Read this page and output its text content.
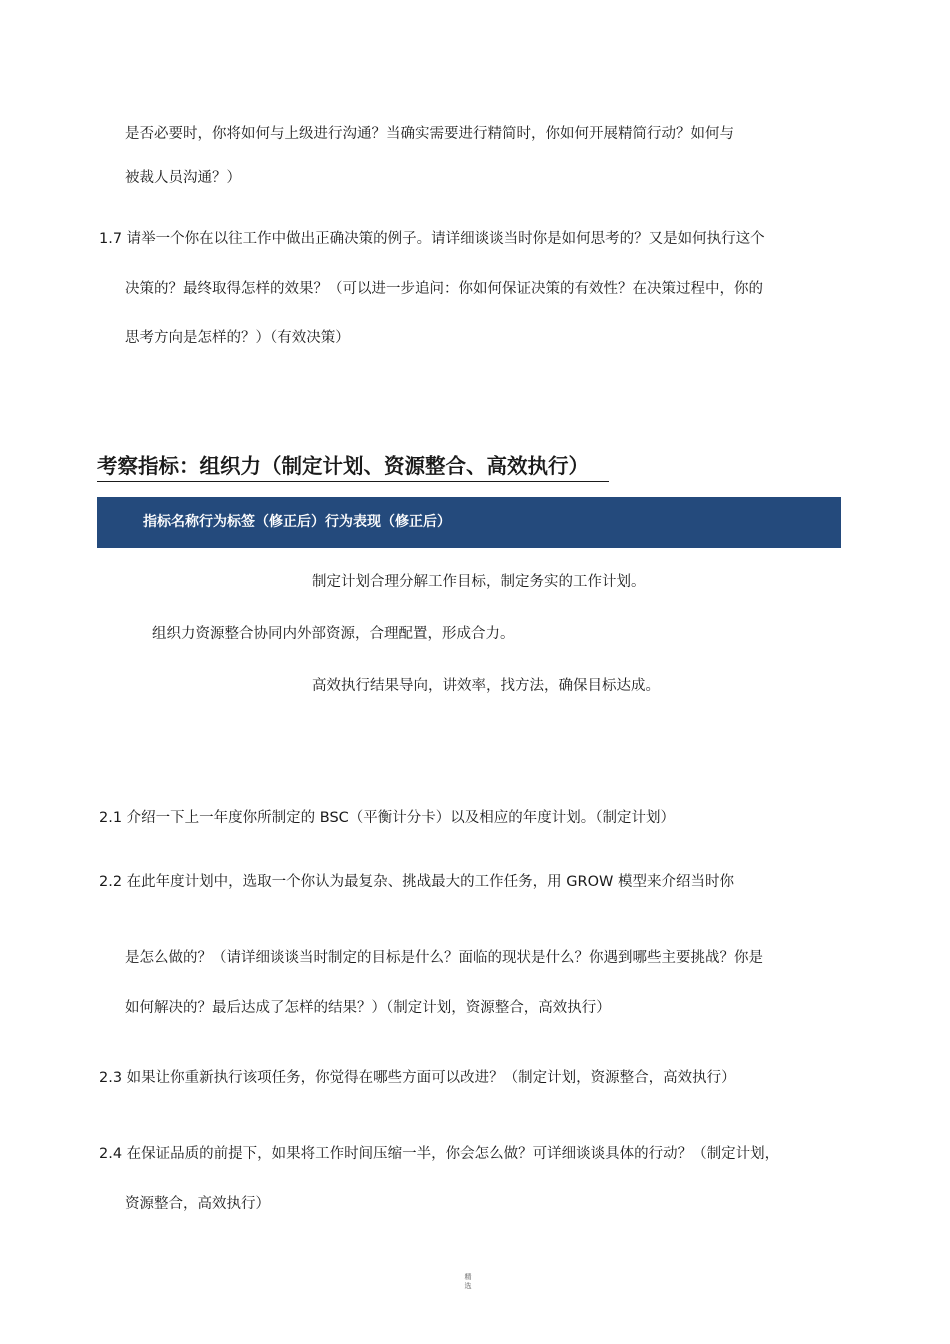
是否必要时，你将如何与上级进行沟通？当确实需要进行精简时，你如何开展精简行动？如何与
被裁人员沟通？）
1.7 请举一个你在以往工作中做出正确决策的例子。请详细谈谈当时你是如何思考的？又是如何执行这个
决策的？最终取得怎样的效果？（可以进一步追问：你如何保证决策的有效性？在决策过程中，你的
思考方向是怎样的？）（有效决策）
考察指标：组织力（制定计划、资源整合、高效执行）
指标名称行为标签（修正后）行为表现（修正后）
制定计划合理分解工作目标，制定务实的工作计划。
组织力资源整合协同内外部资源，合理配置，形成合力。
高效执行结果导向，讲效率，找方法，确保目标达成。
2.1 介绍一下上一年度你所制定的 BSC（平衡计分卡）以及相应的年度计划。（制定计划）
2.2 在此年度计划中，选取一个你认为最复杂、挑战最大的工作任务，用 GROW 模型来介绍当时你
是怎么做的？（请详细谈谈当时制定的目标是什么？面临的现状是什么？你遇到哪些主要挑战？你是
如何解决的？最后达成了怎样的结果？）（制定计划，资源整合，高效执行）
2.3 如果让你重新执行该项任务，你觉得在哪些方面可以改进？（制定计划，资源整合，高效执行）
2.4 在保证品质的前提下，如果将工作时间压缩一半，你会怎么做？可详细谈谈具体的行动？（制定计划，
资源整合，高效执行）
精选
